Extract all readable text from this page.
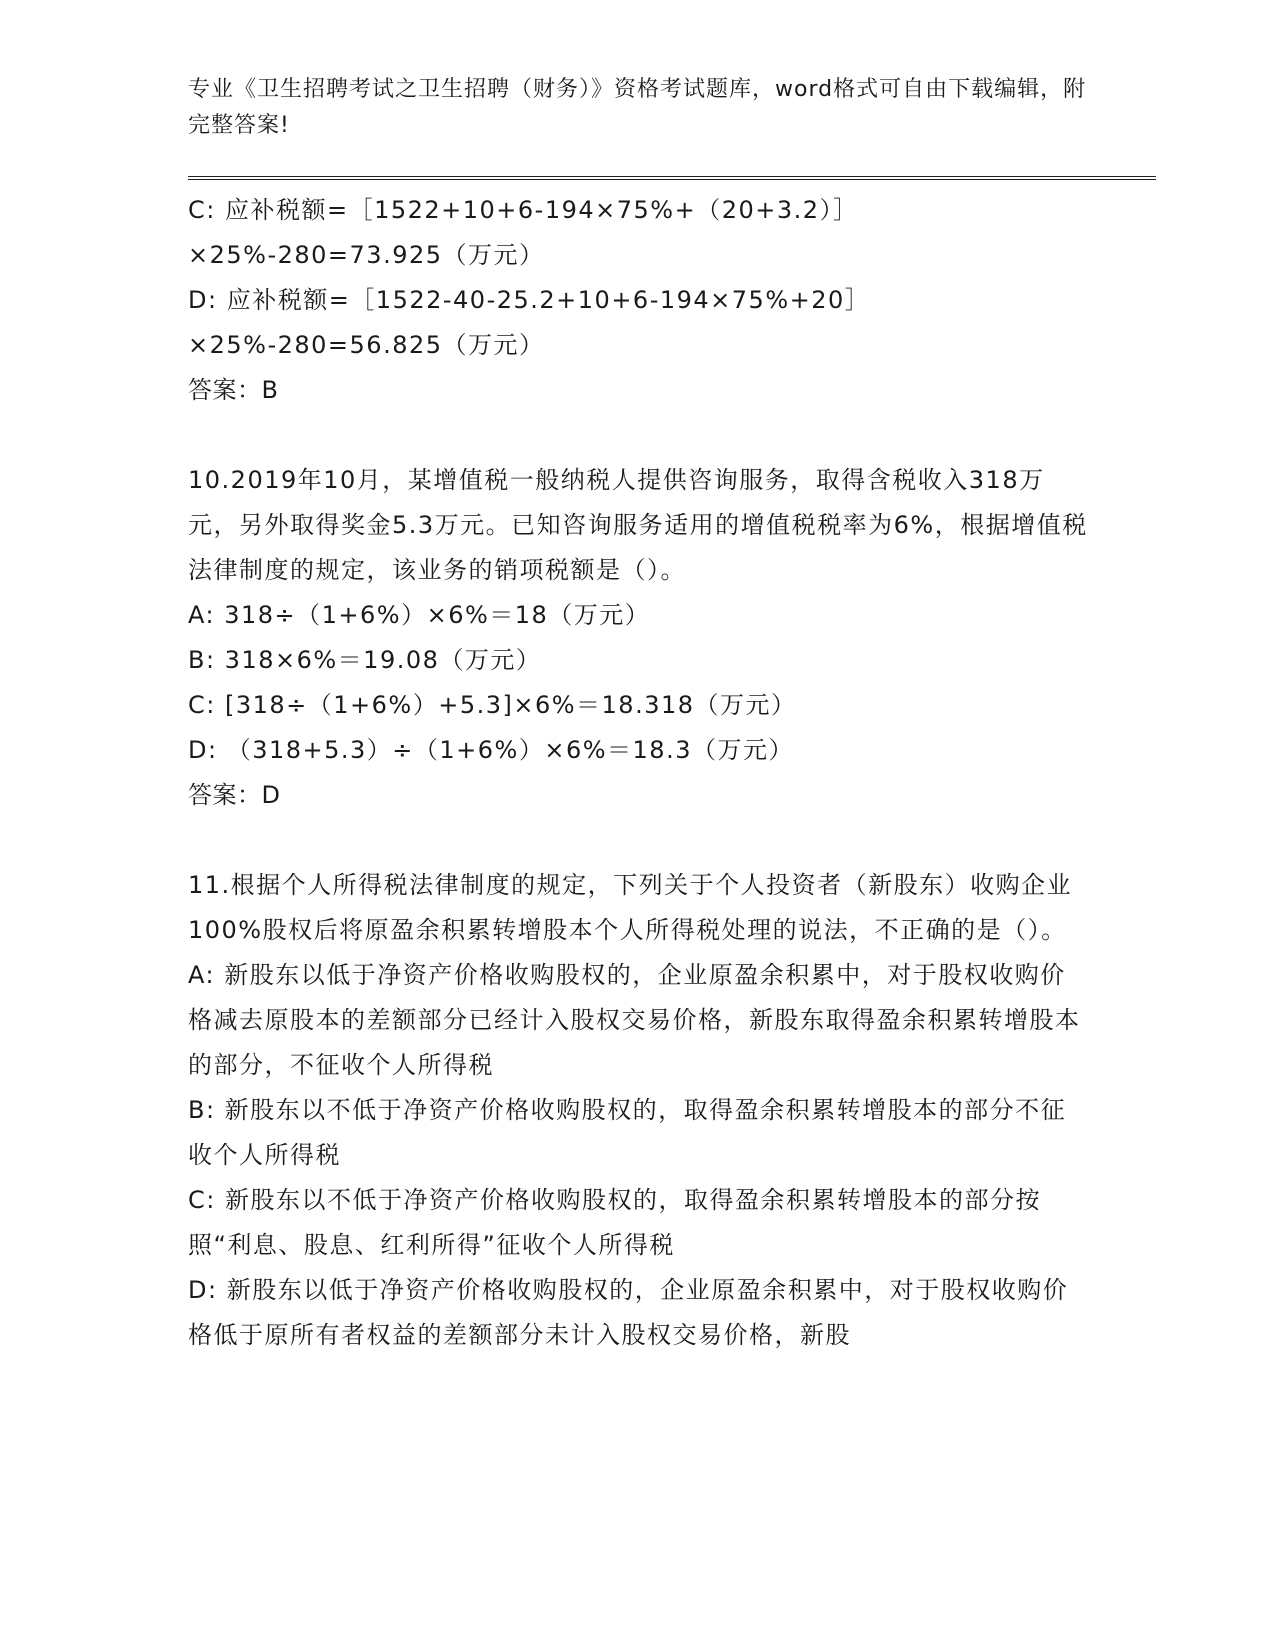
专业《卫生招聘考试之卫生招聘（财务）》资格考试题库，word格式可自由下载编辑，附完整答案!

C: 应补税额=［1522+10+6-194×75%+（20+3.2）］×25%-280=73.925（万元）

D: 应补税额=［1522-40-25.2+10+6-194×75%+20］×25%-280=56.825（万元）

答案：B

10.2019年10月，某增值税一般纳税人提供咨询服务，取得含税收入318万元，另外取得奖金5.3万元。已知咨询服务适用的增值税税率为6%，根据增值税法律制度的规定，该业务的销项税额是（）。

A: 318÷（1+6%）×6%＝18（万元）

B: 318×6%＝19.08（万元）

C: [318÷（1+6%）+5.3]×6%＝18.318（万元）

D: （318+5.3）÷（1+6%）×6%＝18.3（万元）

答案：D

11.根据个人所得税法律制度的规定，下列关于个人投资者（新股东）收购企业100%股权后将原盈余积累转增股本个人所得税处理的说法，不正确的是（）。

A: 新股东以低于净资产价格收购股权的，企业原盈余积累中，对于股权收购价格减去原股本的差额部分已经计入股权交易价格，新股东取得盈余积累转增股本的部分，不征收个人所得税

B: 新股东以不低于净资产价格收购股权的，取得盈余积累转增股本的部分不征收个人所得税

C: 新股东以不低于净资产价格收购股权的，取得盈余积累转增股本的部分按照“利息、股息、红利所得”征收个人所得税

D: 新股东以低于净资产价格收购股权的，企业原盈余积累中，对于股权收购价格低于原所有者权益的差额部分未计入股权交易价格，新股
